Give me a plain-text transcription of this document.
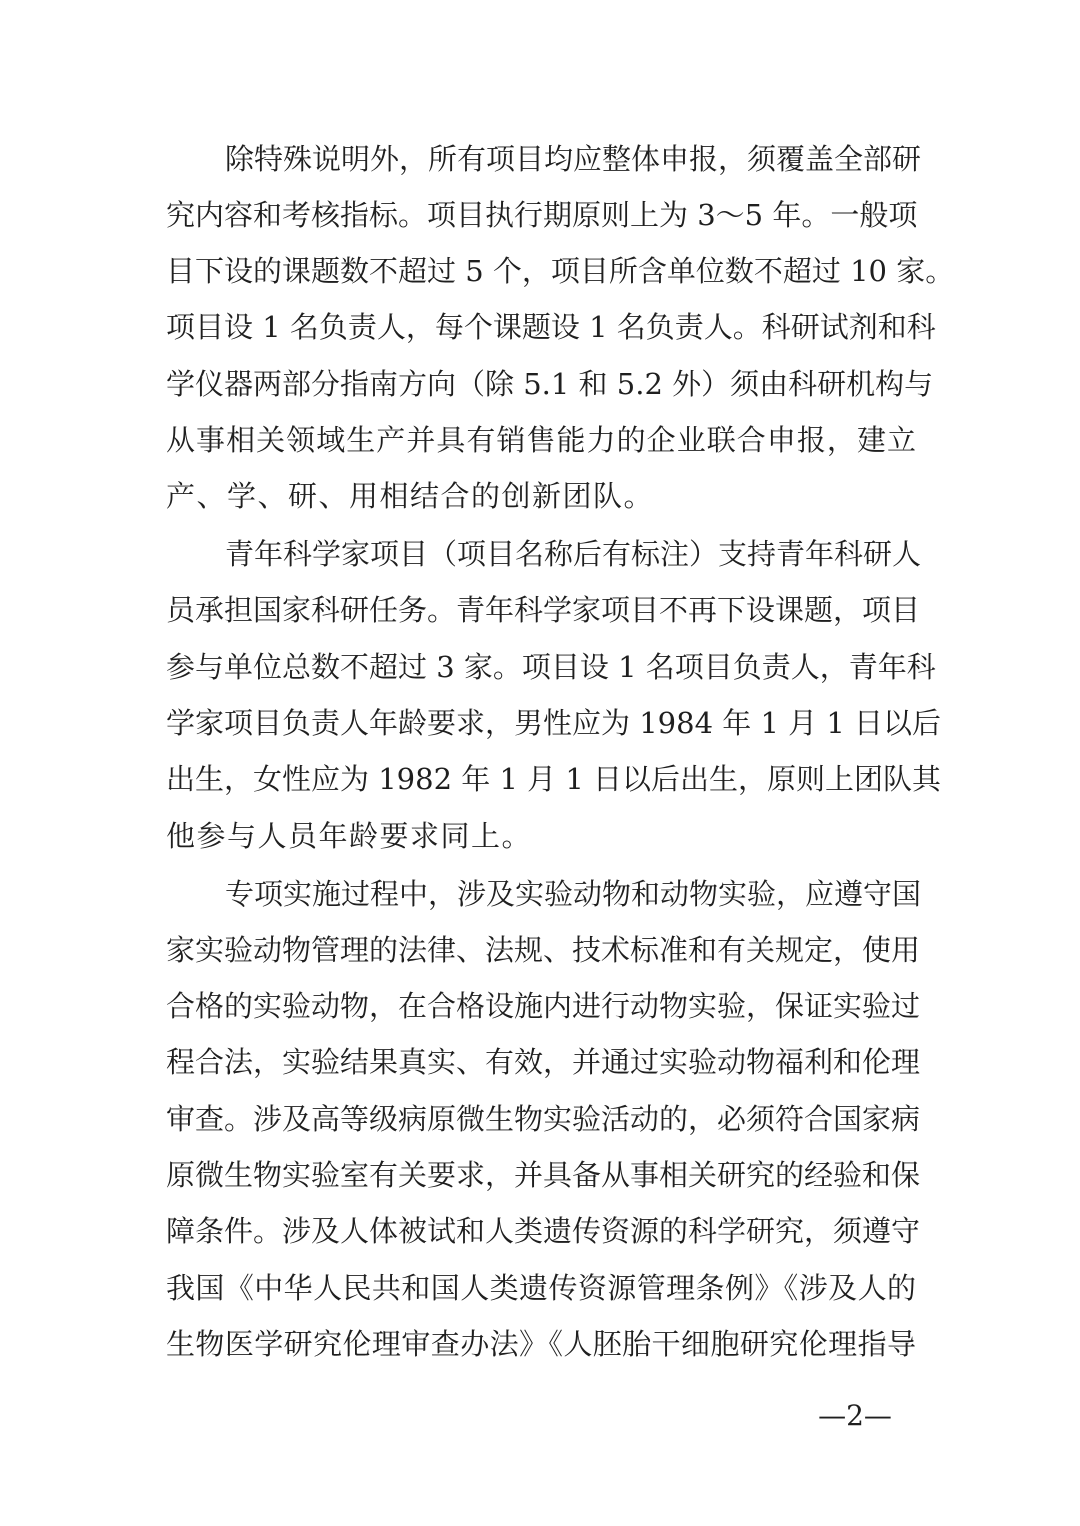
除特殊说明外，所有项目均应整体申报，须覆盖全部研
究内容和考核指标。项目执行期原则上为 3～5 年。一般项
目下设的课题数不超过 5 个，项目所含单位数不超过 10 家。
项目设 1 名负责人，每个课题设 1 名负责人。科研试剂和科
学仪器两部分指南方向（除 5.1 和 5.2 外）须由科研机构与
从事相关领域生产并具有销售能力的企业联合申报，建立
产、学、研、用相结合的创新团队。
青年科学家项目（项目名称后有标注）支持青年科研人
员承担国家科研任务。青年科学家项目不再下设课题，项目
参与单位总数不超过 3 家。项目设 1 名项目负责人，青年科
学家项目负责人年龄要求，男性应为 1984 年 1 月 1 日以后
出生，女性应为 1982 年 1 月 1 日以后出生，原则上团队其
他参与人员年龄要求同上。
专项实施过程中，涉及实验动物和动物实验，应遵守国
家实验动物管理的法律、法规、技术标准和有关规定，使用
合格的实验动物，在合格设施内进行动物实验，保证实验过
程合法，实验结果真实、有效，并通过实验动物福利和伦理
审查。涉及高等级病原微生物实验活动的，必须符合国家病
原微生物实验室有关要求，并具备从事相关研究的经验和保
障条件。涉及人体被试和人类遗传资源的科学研究，须遵守
我国《中华人民共和国人类遗传资源管理条例》《涉及人的
生物医学研究伦理审查办法》《人胚胎干细胞研究伦理指导
—2—
